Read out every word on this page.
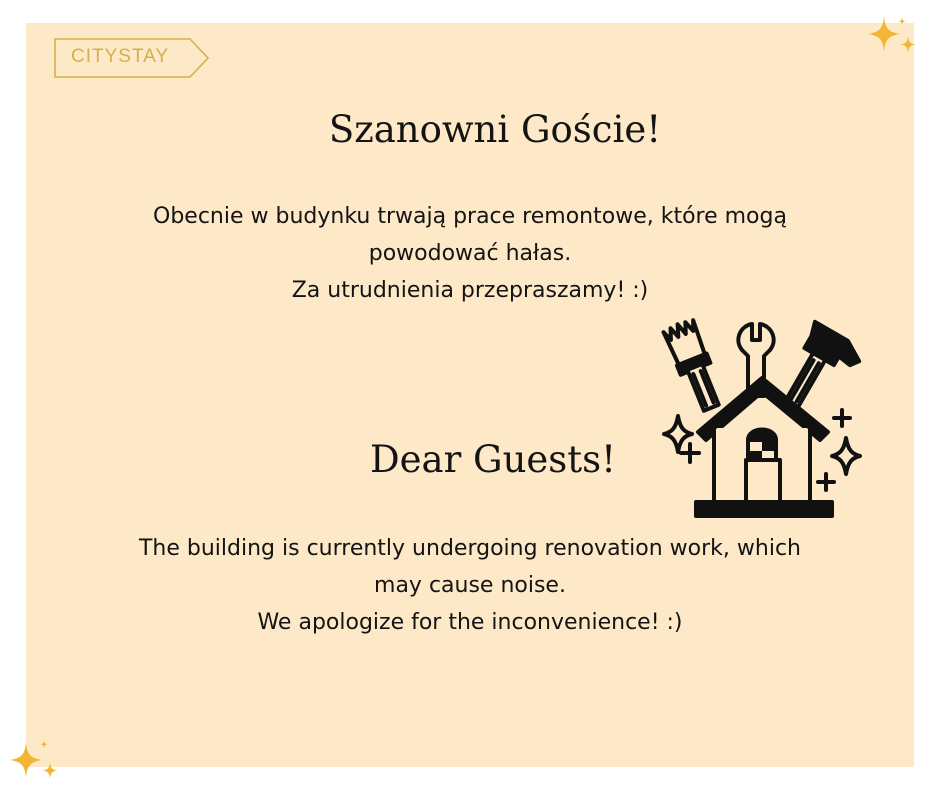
CITYSTAY
Szanowni Goście!
Obecnie w budynku trwają prace remontowe, które mogą
powodować hałas.
Za utrudnienia przepraszamy! :)
Dear Guests!
The building is currently undergoing renovation work, which
may cause noise.
We apologize for the inconvenience! :)
